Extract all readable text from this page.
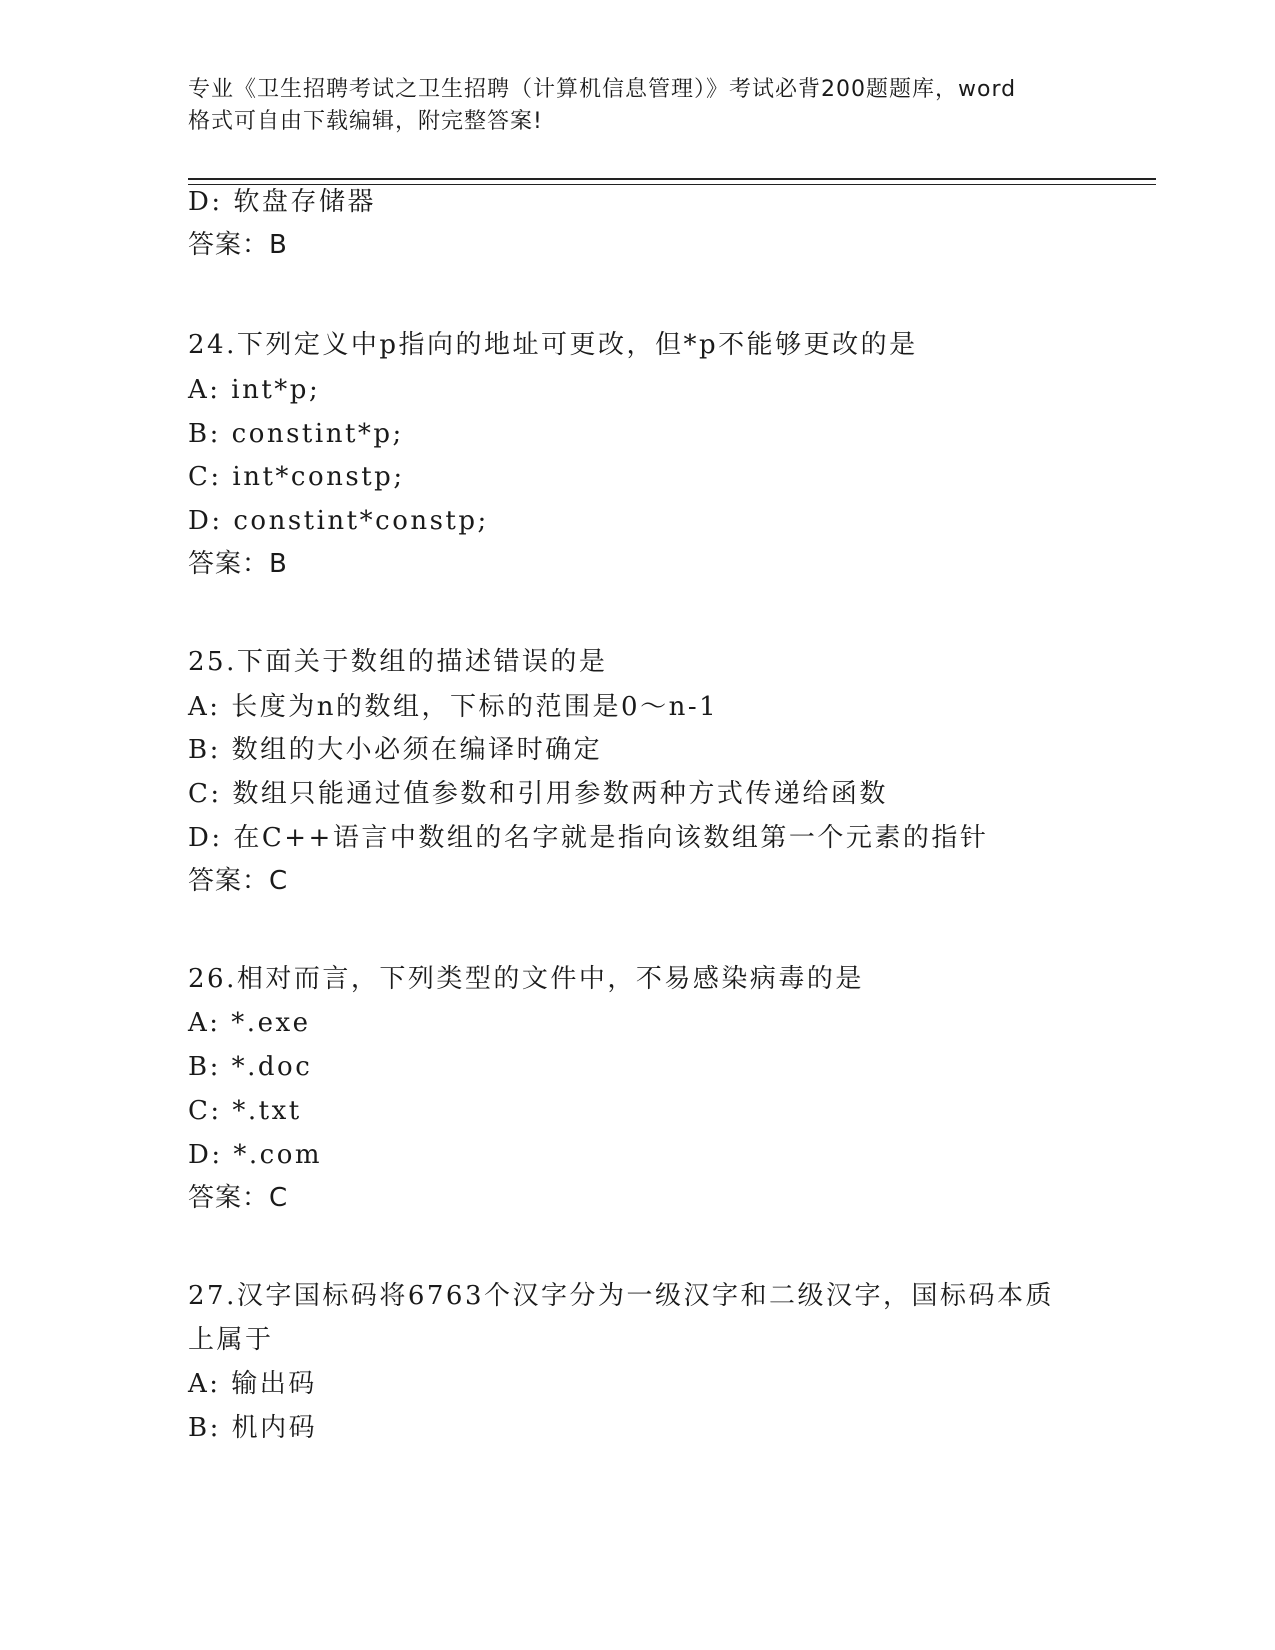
专业《卫生招聘考试之卫生招聘（计算机信息管理）》考试必背200题题库，word
格式可自由下载编辑，附完整答案!
D: 软盘存储器
答案：B
24.下列定义中p指向的地址可更改，但*p不能够更改的是
A: int*p;
B: constint*p;
C: int*constp;
D: constint*constp;
答案：B
25.下面关于数组的描述错误的是
A: 长度为n的数组，下标的范围是0～n-1
B: 数组的大小必须在编译时确定
C: 数组只能通过值参数和引用参数两种方式传递给函数
D: 在C++语言中数组的名字就是指向该数组第一个元素的指针
答案：C
26.相对而言，下列类型的文件中，不易感染病毒的是
A: *.exe
B: *.doc
C: *.txt
D: *.com
答案：C
27.汉字国标码将6763个汉字分为一级汉字和二级汉字，国标码本质
上属于
A: 输出码
B: 机内码
